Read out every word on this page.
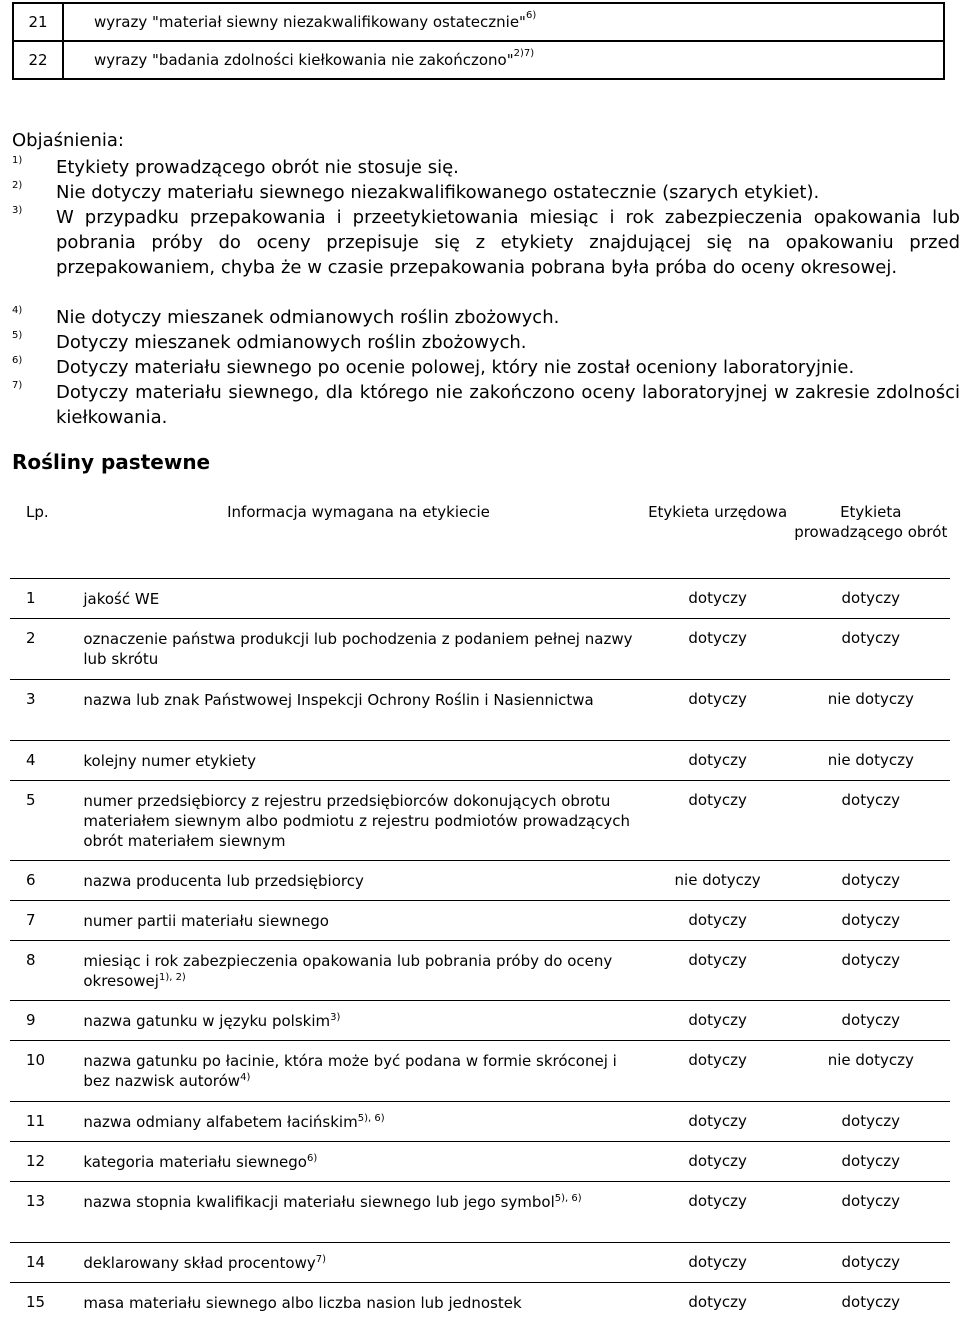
21	wyrazy "materiał siewny niezakwalifikowany ostatecznie"$^{6)}$
22	wyrazy "badania zdolności kiełkowania nie zakończono"$^{2)7)}$
Objaśnienia:
1) Etykiety prowadzącego obrót nie stosuje się.
2) Nie dotyczy materiału siewnego niezakwalifikowanego ostatecznie (szarych etykiet).
3) W przypadku przepakowania i przeetykietowania miesiąc i rok zabezpieczenia opakowania lub pobrania próby do oceny przepisuje się z etykiety znajdującej się na opakowaniu przed przepakowaniem, chyba że w czasie przepakowania pobrana była próba do oceny okresowej.
4) Nie dotyczy mieszanek odmianowych roślin zbożowych.
5) Dotyczy mieszanek odmianowych roślin zbożowych.
6) Dotyczy materiału siewnego po ocenie polowej, który nie został oceniony laboratoryjnie.
7) Dotyczy materiału siewnego, dla którego nie zakończono oceny laboratoryjnej w zakresie zdolności kiełkowania.
Rośliny pastewne
Lp.	Informacja wymagana na etykiecie	Etykieta urzędowa	Etykieta prowadzącego obrót
1	jakość WE	dotyczy	dotyczy
2	oznaczenie państwa produkcji lub pochodzenia z podaniem pełnej nazwy lub skrótu	dotyczy	dotyczy
3	nazwa lub znak Państwowej Inspekcji Ochrony Roślin i Nasiennictwa	dotyczy	nie dotyczy
4	kolejny numer etykiety	dotyczy	nie dotyczy
5	numer przedsiębiorcy z rejestru przedsiębiorców dokonujących obrotu materiałem siewnym albo podmiotu z rejestru podmiotów prowadzących obrót materiałem siewnym	dotyczy	dotyczy
6	nazwa producenta lub przedsiębiorcy	nie dotyczy	dotyczy
7	numer partii materiału siewnego	dotyczy	dotyczy
8	miesiąc i rok zabezpieczenia opakowania lub pobrania próby do oceny okresowej$^{1), 2)}$	dotyczy	dotyczy
9	nazwa gatunku w języku polskim$^{3)}$	dotyczy	dotyczy
10	nazwa gatunku po łacinie, która może być podana w formie skróconej i bez nazwisk autorów$^{4)}$	dotyczy	nie dotyczy
11	nazwa odmiany alfabetem łacińskim$^{5), 6)}$	dotyczy	dotyczy
12	kategoria materiału siewnego$^{6)}$	dotyczy	dotyczy
13	nazwa stopnia kwalifikacji materiału siewnego lub jego symbol$^{5), 6)}$	dotyczy	dotyczy
14	deklarowany skład procentowy$^{7)}$	dotyczy	dotyczy
15	masa materiału siewnego albo liczba nasion lub jednostek	dotyczy	dotyczy
